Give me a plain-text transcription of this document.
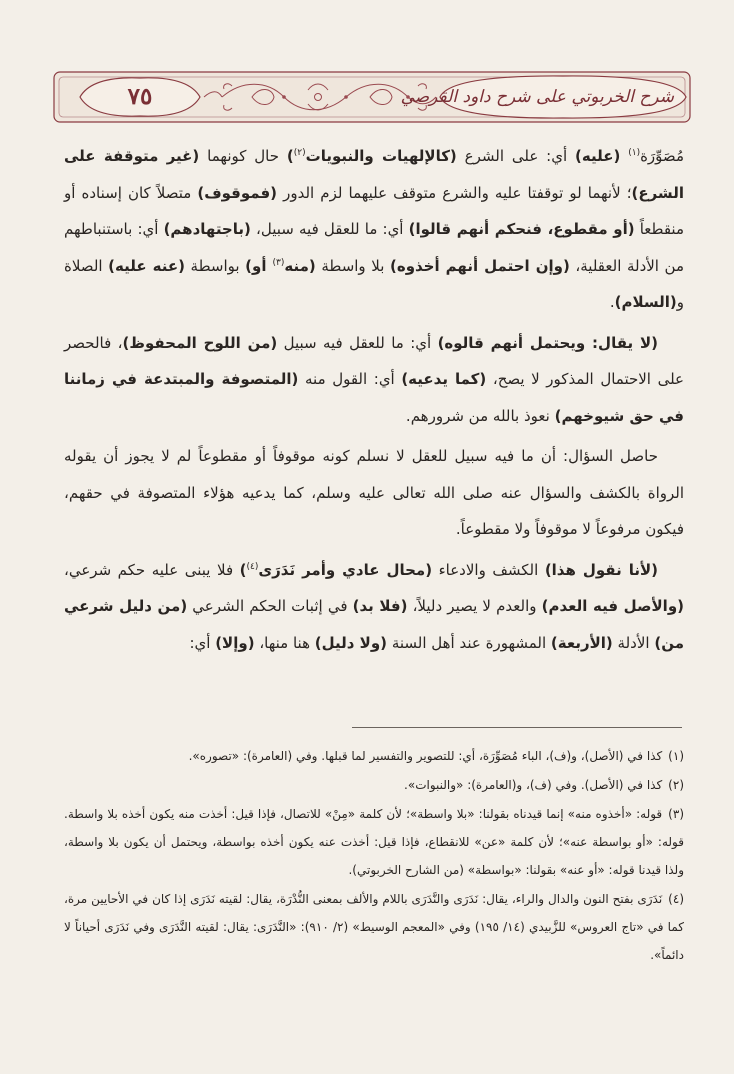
٧٥	شرح الخربوتي على شرح داود القرصي

مُصَوِّرَة$^{(١)}$ (عليه) أي: على الشرع (كالإلهيات والنبويات$^{(٢)}$) حال كونهما (غير متوقفة على الشرع)؛ لأنهما لو توقفتا عليه والشرع متوقف عليهما لزم الدور (فموقوف) متصلاً كان إسناده أو منقطعاً (أو مقطوع، فنحكم أنهم قالوا) أي: ما للعقل فيه سبيل، (باجتهادهم) أي: باستنباطهم من الأدلة العقلية، (وإن احتمل أنهم أخذوه) بلا واسطة (منه$^{(٣)}$ أو) بواسطة (عنه عليه) الصلاة و(السلام).

(لا يقال: ويحتمل أنهم قالوه) أي: ما للعقل فيه سبيل (من اللوح المحفوظ)، فالحصر على الاحتمال المذكور لا يصح، (كما يدعيه) أي: القول منه (المتصوفة والمبتدعة في زماننا في حق شيوخهم) نعوذ بالله من شرورهم.

حاصل السؤال: أن ما فيه سبيل للعقل لا نسلم كونه موقوفاً أو مقطوعاً لم لا يجوز أن يقوله الرواة بالكشف والسؤال عنه صلى الله تعالى عليه وسلم، كما يدعيه هؤلاء المتصوفة في حقهم، فيكون مرفوعاً لا موقوفاً ولا مقطوعاً.

(لأنا نقول هذا) الكشف والادعاء (محال عادي وأمر نَدَرَى$^{(٤)}$) فلا يبنى عليه حكم شرعي، (والأصل فيه العدم) والعدم لا يصير دليلاً، (فلا بد) في إثبات الحكم الشرعي (من دليل شرعي من) الأدلة (الأربعة) المشهورة عند أهل السنة (ولا دليل) هنا منها، (وإلا) أي:

(١)كذا في (الأصل)، و(ف)، الباء مُصَوِّرَة، أي: للتصوير والتفسير لما قبلها. وفي (العامرة): «تصوره».
(٢)كذا في (الأصل). وفي (ف)، و(العامرة): «والنبوات».
(٣)قوله: «أخذوه منه» إنما قيدناه بقولنا: «بلا واسطة»؛ لأن كلمة «مِنْ» للاتصال، فإذا قيل: أخذت منه يكون أخذه بلا واسطة. قوله: «أو بواسطة عنه»؛ لأن كلمة «عن» للانقطاع، فإذا قيل: أخذت عنه يكون أخذه بواسطة، ويحتمل أن يكون بلا واسطة، ولذا قيدنا قوله: «أو عنه» بقولنا: «بواسطة» (من الشارح الخربوتي).
(٤)نَدَرَى بفتح النون والدال والراء، يقال: نَدَرَى والنَّدَرَى باللام والألف بمعنى النُّدْرَة، يقال: لقيته نَدَرَى إذا كان في الأحايين مرة، كما في «تاج العروس» للزَّبيدي (١٤/ ١٩٥) وفي «المعجم الوسيط» (٢/ ٩١٠): «النَّدَرَى: يقال: لقيته النَّدَرَى وفي نَدَرَى أحياناً لا دائماً».
